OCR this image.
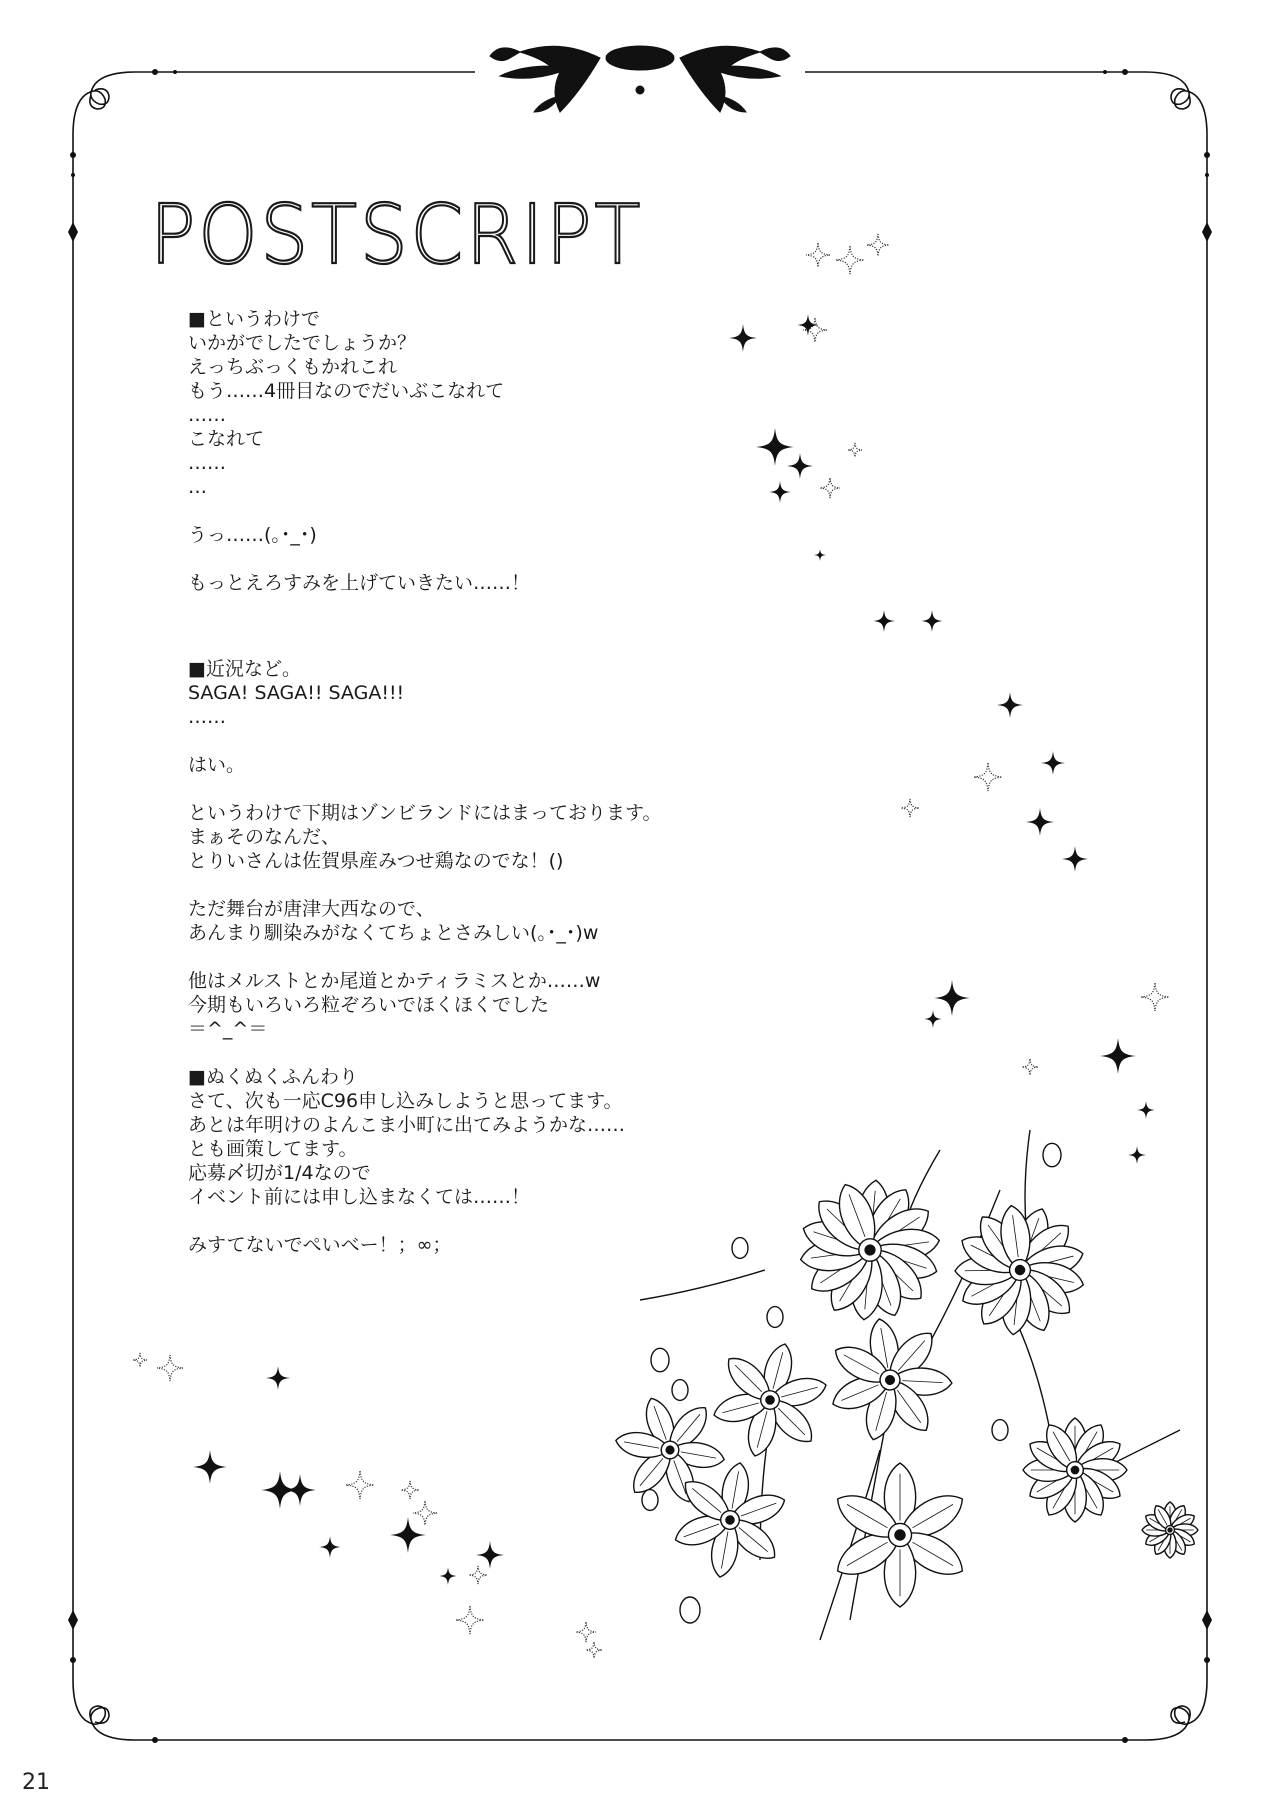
POSTSCRIPT
■というわけで
いかがでしたでしょうか？
えっちぶっくもかれこれ
もう……4冊目なのでだいぶこなれて
……
こなれて
……
…
うっ……(｡･_･)
もっとえろすみを上げていきたい……！
■近況など。
SAGA! SAGA!! SAGA!!!
……
はい。
というわけで下期はゾンビランドにはまっております。
まぁそのなんだ、
とりいさんは佐賀県産みつせ鶏なのでな！()
ただ舞台が唐津大西なので、
あんまり馴染みがなくてちょとさみしい(｡･_･)w
他はメルストとか尾道とかティラミスとか……w
今期もいろいろ粒ぞろいでほくほくでした
＝^_^＝
■ぬくぬくふんわり
さて、次も一応C96申し込みしようと思ってます。
あとは年明けのよんこま小町に出てみようかな……
とも画策してます。
応募〆切が1/4なので
イベント前には申し込まなくては……！
みすてないでぺいべー！；∞；
21
